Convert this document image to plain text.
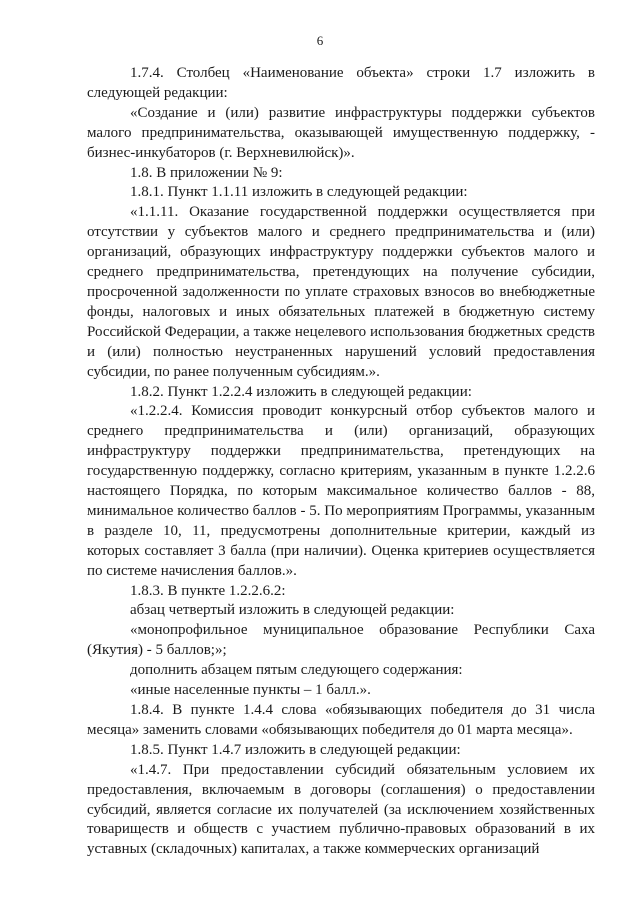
6

1.7.4. Столбец «Наименование объекта» строки 1.7 изложить в следующей редакции:

«Создание и (или) развитие инфраструктуры поддержки субъектов малого предпринимательства, оказывающей имущественную поддержку, - бизнес-инкубаторов (г. Верхневилюйск)».

1.8. В приложении № 9:

1.8.1. Пункт 1.1.11 изложить в следующей редакции:

«1.1.11. Оказание государственной поддержки осуществляется при отсутствии у субъектов малого и среднего предпринимательства и (или) организаций, образующих инфраструктуру поддержки субъектов малого и среднего предпринимательства, претендующих на получение субсидии, просроченной задолженности по уплате страховых взносов во внебюджетные фонды, налоговых и иных обязательных платежей в бюджетную систему Российской Федерации, а также нецелевого использования бюджетных средств и (или) полностью неустраненных нарушений условий предоставления субсидии, по ранее полученным субсидиям.».

1.8.2. Пункт 1.2.2.4 изложить в следующей редакции:

«1.2.2.4. Комиссия проводит конкурсный отбор субъектов малого и среднего предпринимательства и (или) организаций, образующих инфраструктуру поддержки предпринимательства, претендующих на государственную поддержку, согласно критериям, указанным в пункте 1.2.2.6 настоящего Порядка, по которым максимальное количество баллов - 88, минимальное количество баллов - 5. По мероприятиям Программы, указанным в разделе 10, 11, предусмотрены дополнительные критерии, каждый из которых составляет 3 балла (при наличии). Оценка критериев осуществляется по системе начисления баллов.».

1.8.3. В пункте 1.2.2.6.2:

абзац четвертый изложить в следующей редакции:

«монопрофильное муниципальное образование Республики Саха (Якутия) - 5 баллов;»;

дополнить абзацем пятым следующего содержания:

«иные населенные пункты – 1 балл.».

1.8.4. В пункте 1.4.4 слова «обязывающих победителя до 31 числа месяца» заменить словами «обязывающих победителя до 01 марта месяца».

1.8.5. Пункт 1.4.7 изложить в следующей редакции:

«1.4.7. При предоставлении субсидий обязательным условием их предоставления, включаемым в договоры (соглашения) о предоставлении субсидий, является согласие их получателей (за исключением хозяйственных товариществ и обществ с участием публично-правовых образований в их уставных (складочных) капиталах, а также коммерческих организаций
